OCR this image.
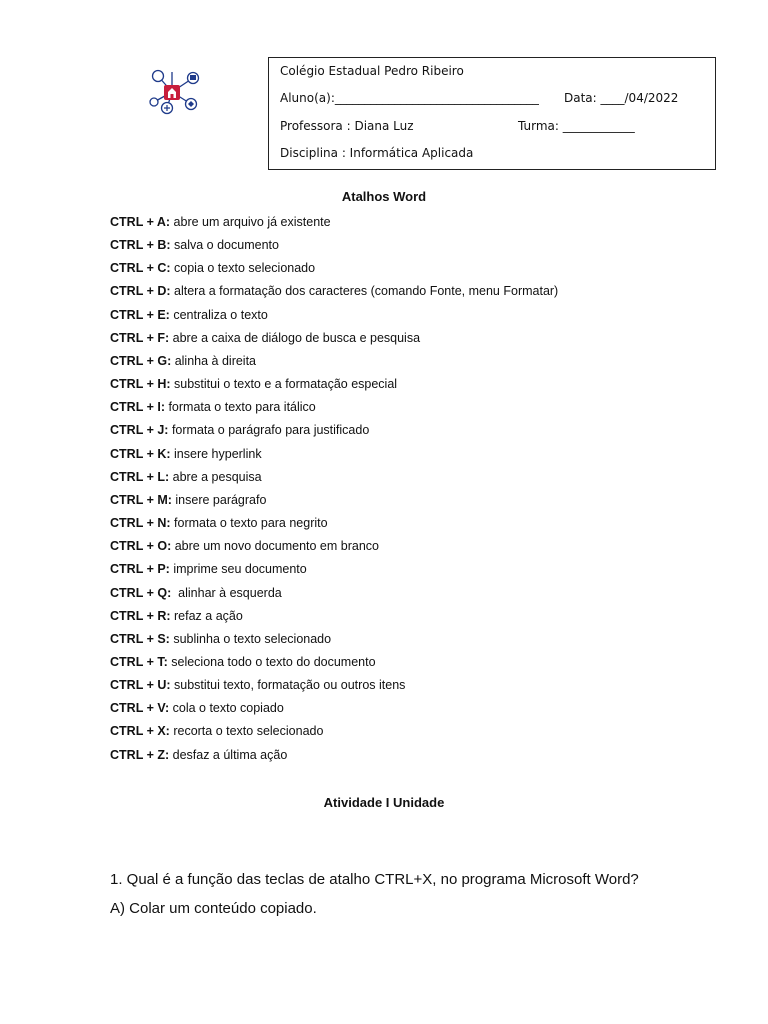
Colégio Estadual Pedro Ribeiro
Aluno(a):__________________________________ Data: ____/04/2022
Professora : Diana Luz	Turma: ____________
Disciplina : Informática Aplicada
Atalhos Word
CTRL + A: abre um arquivo já existente
CTRL + B: salva o documento
CTRL + C: copia o texto selecionado
CTRL + D: altera a formatação dos caracteres (comando Fonte, menu Formatar)
CTRL + E: centraliza o texto
CTRL + F: abre a caixa de diálogo de busca e pesquisa
CTRL + G: alinha à direita
CTRL + H: substitui o texto e a formatação especial
CTRL + I: formata o texto para itálico
CTRL + J: formata o parágrafo para justificado
CTRL + K: insere hyperlink
CTRL + L: abre a pesquisa
CTRL + M: insere parágrafo
CTRL + N: formata o texto para negrito
CTRL + O: abre um novo documento em branco
CTRL + P: imprime seu documento
CTRL + Q:  alinhar à esquerda
CTRL + R: refaz a ação
CTRL + S: sublinha o texto selecionado
CTRL + T: seleciona todo o texto do documento
CTRL + U: substitui texto, formatação ou outros itens
CTRL + V: cola o texto copiado
CTRL + X: recorta o texto selecionado
CTRL + Z: desfaz a última ação
Atividade I Unidade
1. Qual é a função das teclas de atalho CTRL+X, no programa Microsoft Word?
A) Colar um conteúdo copiado.
